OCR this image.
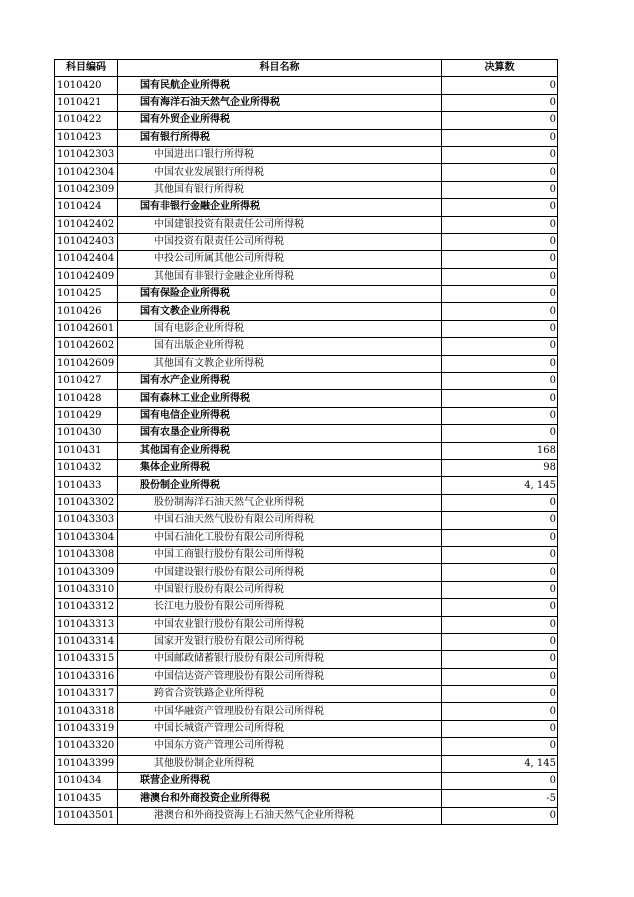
科目编码	科目名称	决算数
1010420	国有民航企业所得税	0
1010421	国有海洋石油天然气企业所得税	0
1010422	国有外贸企业所得税	0
1010423	国有银行所得税	0
101042303	中国进出口银行所得税	0
101042304	中国农业发展银行所得税	0
101042309	其他国有银行所得税	0
1010424	国有非银行金融企业所得税	0
101042402	中国建银投资有限责任公司所得税	0
101042403	中国投资有限责任公司所得税	0
101042404	中投公司所属其他公司所得税	0
101042409	其他国有非银行金融企业所得税	0
1010425	国有保险企业所得税	0
1010426	国有文教企业所得税	0
101042601	国有电影企业所得税	0
101042602	国有出版企业所得税	0
101042609	其他国有文教企业所得税	0
1010427	国有水产企业所得税	0
1010428	国有森林工业企业所得税	0
1010429	国有电信企业所得税	0
1010430	国有农垦企业所得税	0
1010431	其他国有企业所得税	168
1010432	集体企业所得税	98
1010433	股份制企业所得税	4, 145
101043302	股份制海洋石油天然气企业所得税	0
101043303	中国石油天然气股份有限公司所得税	0
101043304	中国石油化工股份有限公司所得税	0
101043308	中国工商银行股份有限公司所得税	0
101043309	中国建设银行股份有限公司所得税	0
101043310	中国银行股份有限公司所得税	0
101043312	长江电力股份有限公司所得税	0
101043313	中国农业银行股份有限公司所得税	0
101043314	国家开发银行股份有限公司所得税	0
101043315	中国邮政储蓄银行股份有限公司所得税	0
101043316	中国信达资产管理股份有限公司所得税	0
101043317	跨省合资铁路企业所得税	0
101043318	中国华融资产管理股份有限公司所得税	0
101043319	中国长城资产管理公司所得税	0
101043320	中国东方资产管理公司所得税	0
101043399	其他股份制企业所得税	4, 145
1010434	联营企业所得税	0
1010435	港澳台和外商投资企业所得税	-5
101043501	港澳台和外商投资海上石油天然气企业所得税	0
